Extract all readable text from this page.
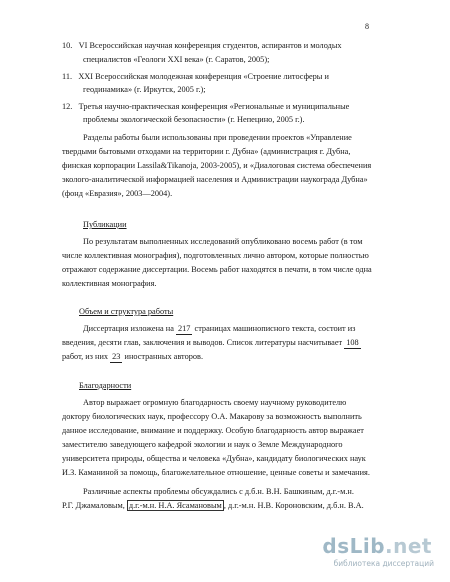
8
10. VI Всероссийская научная конференция студентов, аспирантов и молодых
специалистов «Геологи XXI века» (г. Саратов, 2005);
11. XXI Всероссийская молодежная конференция «Строение литосферы и
геодинамика» (г. Иркутск, 2005 г.);
12. Третья научно-практическая конференция «Региональные и муниципальные
проблемы экологической безопасности» (г. Непецино, 2005 г.).
Разделы работы были использованы при проведении проектов «Управление
твердыми бытовыми отходами на территории г. Дубна» (администрация г. Дубна,
финская корпорации Lassila&Tikanoja, 2003-2005), и «Диалоговая система обеспечения
эколого-аналитической информацией населения и Администрации наукограда Дубна»
(фонд «Евразия», 2003—2004).
Публикации
По результатам выполненных исследований опубликовано восемь работ (в том
числе коллективная монография), подготовленных лично автором, которые полностью
отражают содержание диссертации. Восемь работ находятся в печати, в том числе одна
коллективная монография.
Объем и структура работы
Диссертация изложена на 217 страницах машинописного текста, состоит из
введения, десяти глав, заключения и выводов. Список литературы насчитывает 108
работ, из них 23 иностранных авторов.
Благодарности
Автор выражает огромную благодарность своему научному руководителю
доктору биологических наук, профессору О.А. Макарову за возможность выполнить
данное исследование, внимание и поддержку. Особую благодарность автор выражает
заместителю заведующего кафедрой экологии и наук о Земле Международного
университета природы, общества и человека «Дубна», кандидату биологических наук
И.З. Каманиной за помощь, благожелательное отношение, ценные советы и замечания.
Различные аспекты проблемы обсуждались с д.б.н. В.Н. Башкиным, д.г.-м.н.
Р.Г. Джамаловым, д.г.-м.н. Н.А. Ясамановым , д.г.-м.н. Н.В. Короновским, д.б.н. В.А.
dsLib.net
библиотека диссертаций
